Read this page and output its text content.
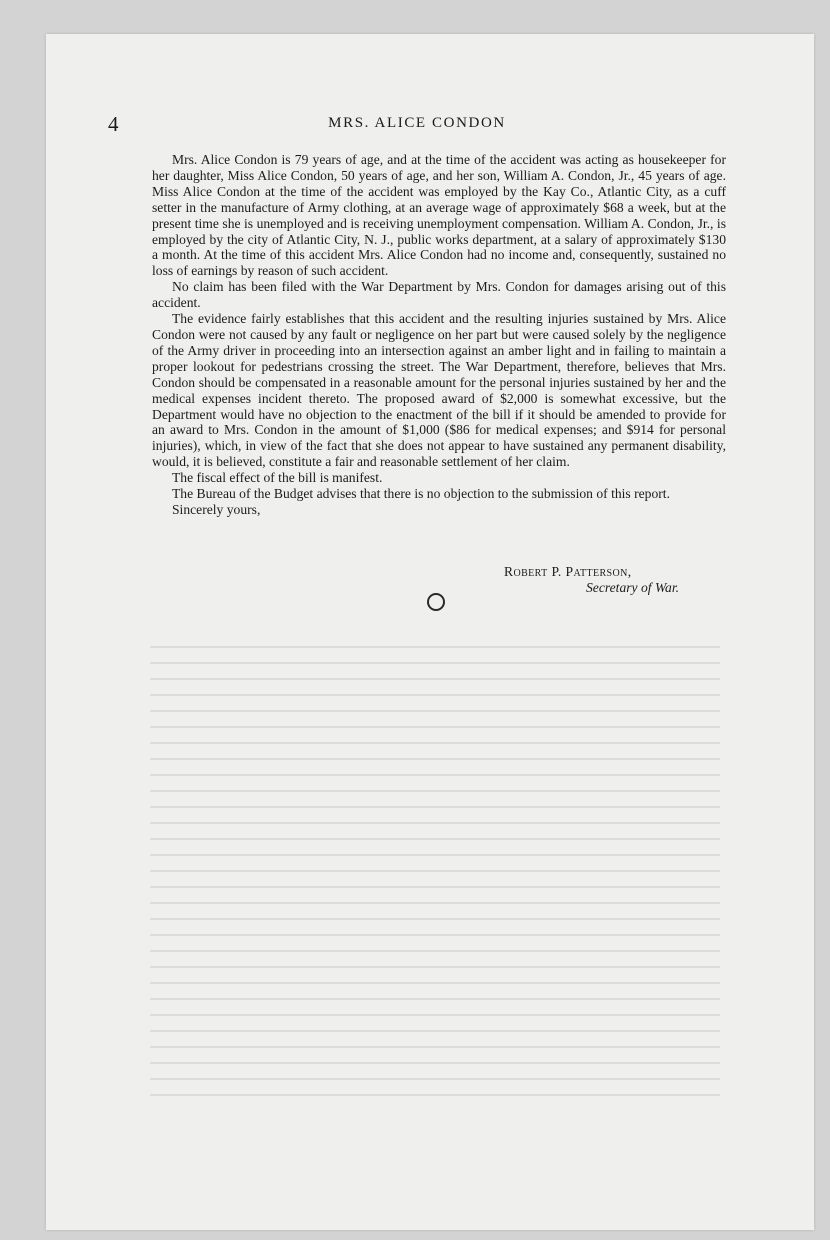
4	MRS. ALICE CONDON

Mrs. Alice Condon is 79 years of age, and at the time of the accident was acting as housekeeper for her daughter, Miss Alice Condon, 50 years of age, and her son, William A. Condon, Jr., 45 years of age. Miss Alice Condon at the time of the accident was employed by the Kay Co., Atlantic City, as a cuff setter in the manufacture of Army clothing, at an average wage of approximately $68 a week, but at the present time she is unemployed and is receiving unemployment compensation. William A. Condon, Jr., is employed by the city of Atlantic City, N. J., public works department, at a salary of approximately $130 a month. At the time of this accident Mrs. Alice Condon had no income and, consequently, sustained no loss of earnings by reason of such accident.

No claim has been filed with the War Department by Mrs. Condon for damages arising out of this accident.

The evidence fairly establishes that this accident and the resulting injuries sustained by Mrs. Alice Condon were not caused by any fault or negligence on her part but were caused solely by the negligence of the Army driver in proceeding into an intersection against an amber light and in failing to maintain a proper lookout for pedestrians crossing the street. The War Department, therefore, believes that Mrs. Condon should be compensated in a reasonable amount for the personal injuries sustained by her and the medical expenses incident thereto. The proposed award of $2,000 is somewhat excessive, but the Department would have no objection to the enactment of the bill if it should be amended to provide for an award to Mrs. Condon in the amount of $1,000 ($86 for medical expenses; and $914 for personal injuries), which, in view of the fact that she does not appear to have sustained any permanent disability, would, it is believed, constitute a fair and reasonable settlement of her claim.

The fiscal effect of the bill is manifest.

The Bureau of the Budget advises that there is no objection to the submission of this report.

Sincerely yours,

Robert P. Patterson,
Secretary of War.
